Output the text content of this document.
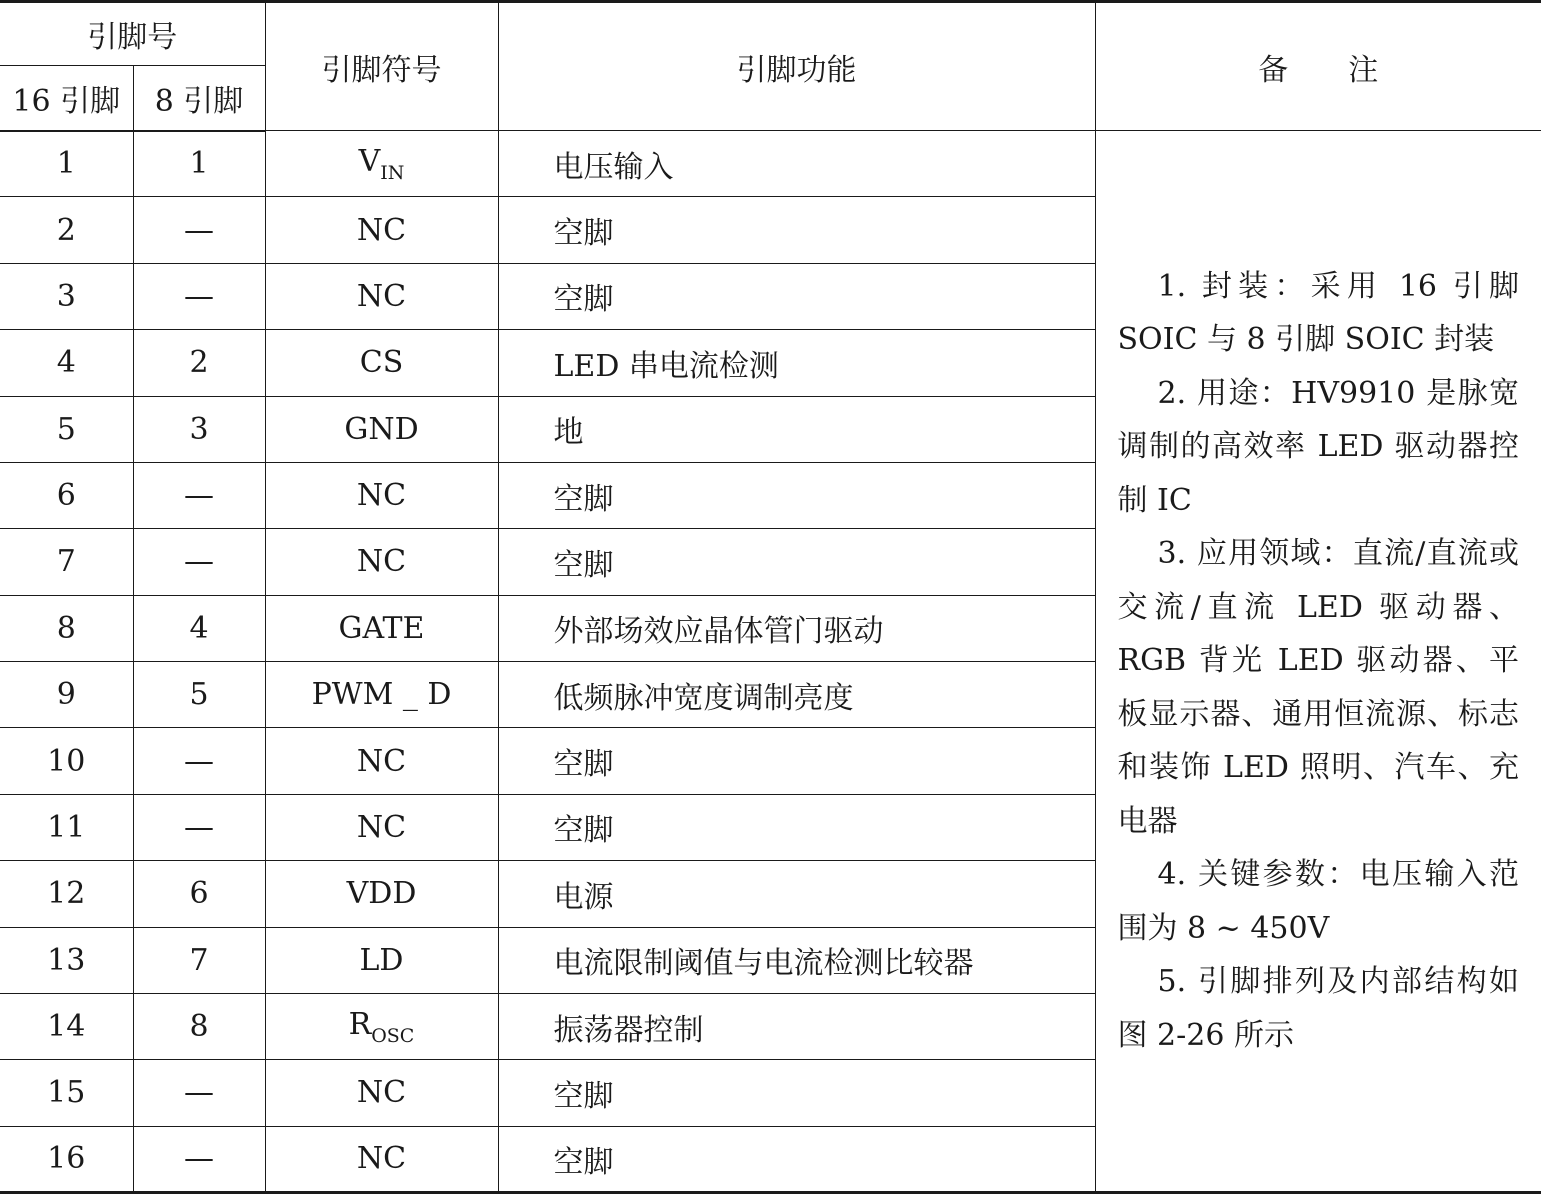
引脚号		引脚符号	引脚功能	备　　注
16 引脚	8 引脚			
1	1	$V_{IN}$	电压输入	1. 封装：采用 16 引脚 SOIC 与 8 引脚 SOIC 封装
2. 用途：HV9910 是脉宽调制的高效率 LED 驱动器控制 IC
3. 应用领域：直流/直流或交流/直流 LED 驱动器、RGB 背光 LED 驱动器、平板显示器、通用恒流源、标志和装饰 LED 照明、汽车、充电器
4. 关键参数：电压输入范围为 8 ~ 450V
5. 引脚排列及内部结构如图 2-26 所示

2	—	NC	空脚	
3	—	NC	空脚	
4	2	CS	LED 串电流检测	
5	3	GND	地	
6	—	NC	空脚	
7	—	NC	空脚	
8	4	GATE	外部场效应晶体管门驱动	
9	5	PWM _ D	低频脉冲宽度调制亮度	
10	—	NC	空脚	
11	—	NC	空脚	
12	6	VDD	电源	
13	7	LD	电流限制阈值与电流检测比较器	
14	8	$R_{OSC}$	振荡器控制	
15	—	NC	空脚	
16	—	NC	空脚	
